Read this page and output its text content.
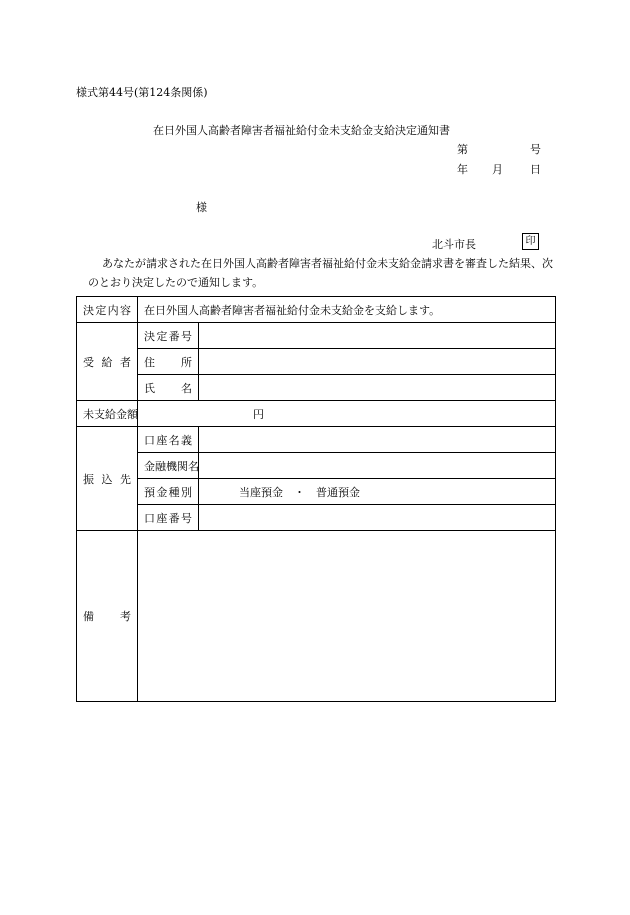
様式第44号(第124条関係)
在日外国人高齢者障害者福祉給付金未支給金支給決定通知書
第	号
年 月 日
様
北斗市長	印
あなたが請求された在日外国人高齢者障害者福祉給付金未支給金請求書を審査した結果、次のとおり決定したので通知します。
決定内容	在日外国人高齢者障害者福祉給付金未支給金を支給します。	
受 給 者	決定番号	
	住　　所	
	氏　　名	
未支給金額	円	
振 込 先	口座名義	
	金融機関名	
	預金種別	当座預金　・　普通預金
	口座番号	
備　　考		
